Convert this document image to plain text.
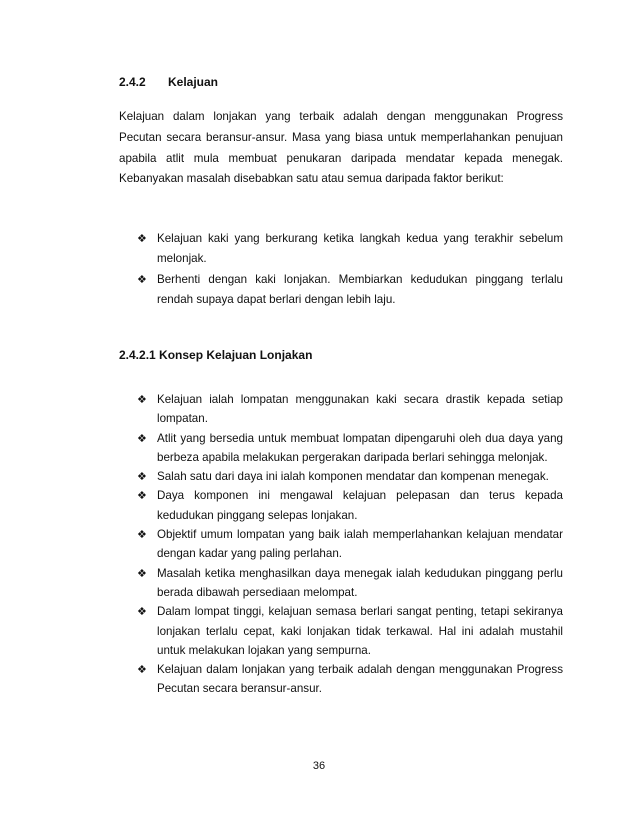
2.4.2 Kelajuan
Kelajuan dalam lonjakan yang terbaik adalah dengan menggunakan Progress Pecutan secara beransur-ansur. Masa yang biasa untuk memperlahankan penujuan apabila atlit mula membuat penukaran daripada mendatar kepada menegak. Kebanyakan masalah disebabkan satu atau semua daripada faktor berikut:
❖ Kelajuan kaki yang berkurang ketika langkah kedua yang terakhir sebelum melonjak.
❖ Berhenti dengan kaki lonjakan. Membiarkan kedudukan pinggang terlalu rendah supaya dapat berlari dengan lebih laju.
2.4.2.1 Konsep Kelajuan Lonjakan
❖ Kelajuan ialah lompatan menggunakan kaki secara drastik kepada setiap lompatan.
❖ Atlit yang bersedia untuk membuat lompatan dipengaruhi oleh dua daya yang berbeza apabila melakukan pergerakan daripada berlari sehingga melonjak.
❖ Salah satu dari daya ini ialah komponen mendatar dan kompenan menegak.
❖ Daya komponen ini mengawal kelajuan pelepasan dan terus kepada kedudukan pinggang selepas lonjakan.
❖ Objektif umum lompatan yang baik ialah memperlahankan kelajuan mendatar dengan kadar yang paling perlahan.
❖ Masalah ketika menghasilkan daya menegak ialah kedudukan pinggang perlu berada dibawah persediaan melompat.
❖ Dalam lompat tinggi, kelajuan semasa berlari sangat penting, tetapi sekiranya lonjakan terlalu cepat, kaki lonjakan tidak terkawal. Hal ini adalah mustahil untuk melakukan lojakan yang sempurna.
❖ Kelajuan dalam lonjakan yang terbaik adalah dengan menggunakan Progress Pecutan secara beransur-ansur.
36
